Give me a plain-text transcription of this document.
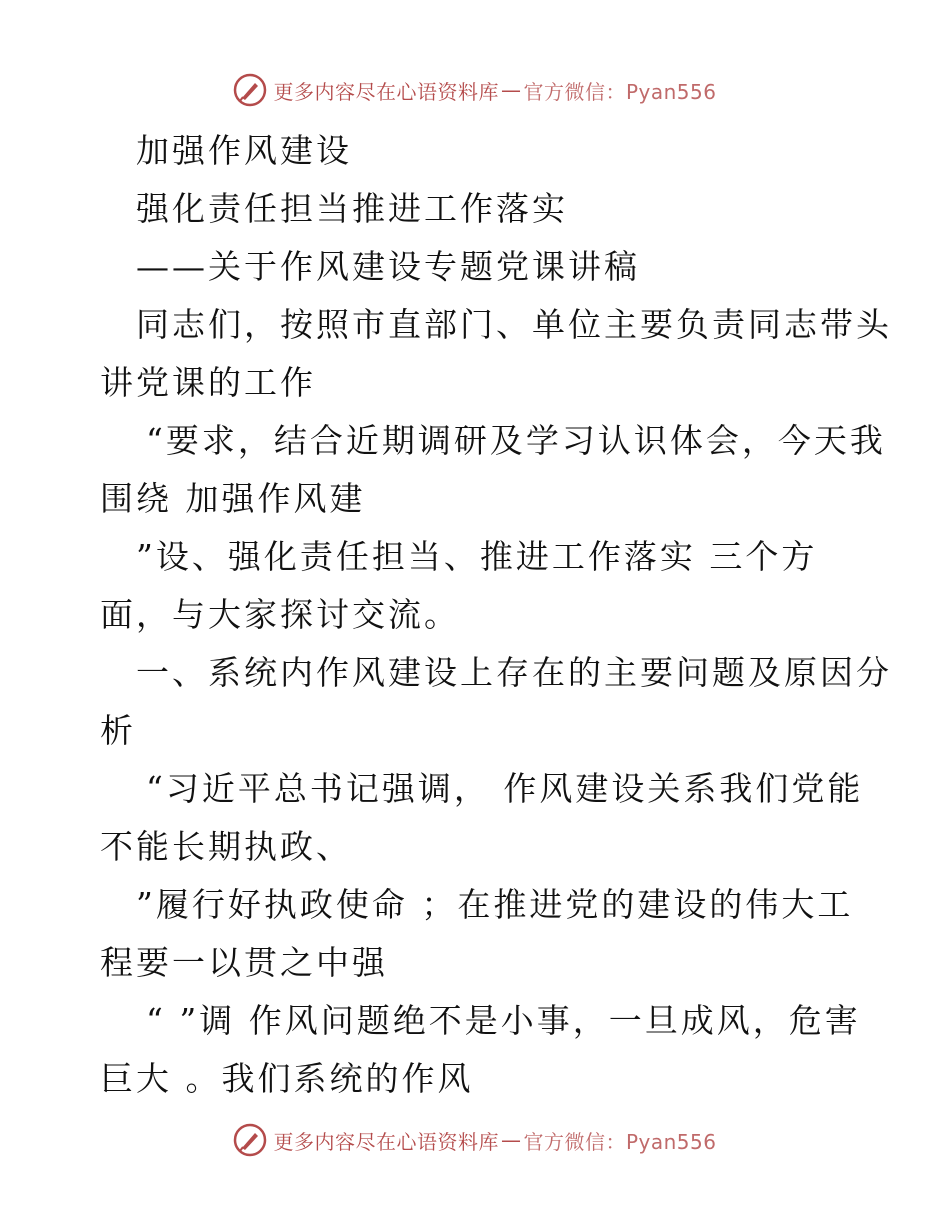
更多内容尽在心语资料库 — 官方微信：Pyan556
加强作风建设
强化责任担当推进工作落实
——关于作风建设专题党课讲稿
同志们，按照市直部门、单位主要负责同志带头
讲党课的工作
“要求，结合近期调研及学习认识体会，今天我
围绕 加强作风建
”设、强化责任担当、推进工作落实 三个方
面，与大家探讨交流。
一、系统内作风建设上存在的主要问题及原因分
析
“习近平总书记强调， 作风建设关系我们党能
不能长期执政、
”履行好执政使命 ；在推进党的建设的伟大工
程要一以贯之中强
“ ”调 作风问题绝不是小事，一旦成风，危害
巨大 。我们系统的作风
更多内容尽在心语资料库 — 官方微信：Pyan556
